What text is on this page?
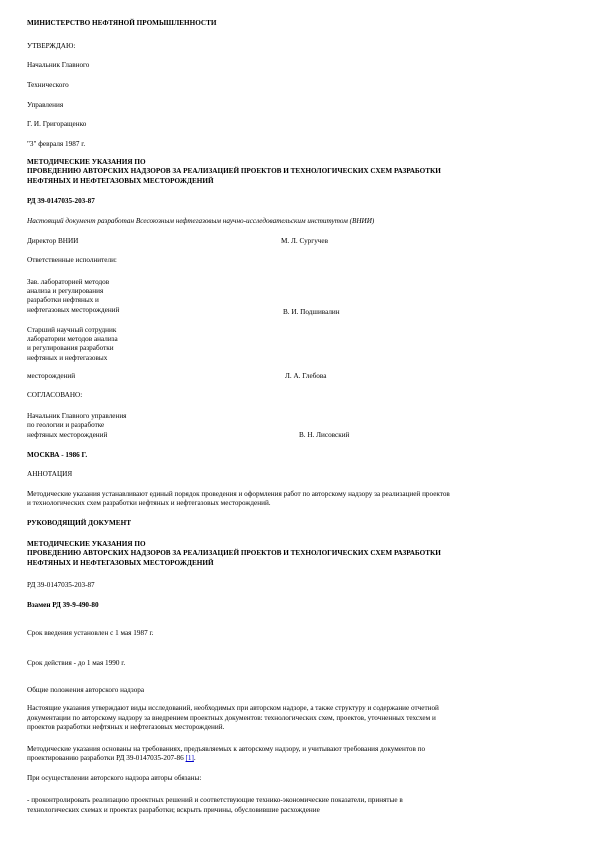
МИНИСТЕРСТВО НЕФТЯНОЙ ПРОМЫШЛЕННОСТИ
УТВЕРЖДАЮ:
Начальник Главного
Технического
Управления
Г. И. Григоращенко
"3" февраля 1987 г.
МЕТОДИЧЕСКИЕ УКАЗАНИЯ ПО
ПРОВЕДЕНИЮ АВТОРСКИХ НАДЗОРОВ ЗА РЕАЛИЗАЦИЕЙ ПРОЕКТОВ И ТЕХНОЛОГИЧЕСКИХ СХЕМ РАЗРАБОТКИ
НЕФТЯНЫХ И НЕФТЕГАЗОВЫХ МЕСТОРОЖДЕНИЙ
РД 39-0147035-203-87
Настоящий документ разработан Всесоюзным нефтегазовым научно-исследовательским институтом (ВНИИ)
Директор ВНИИ	М. Л. Сургучев
Ответственные исполнители:
Зав. лабораторией методов
анализа и регулирования
разработки нефтяных и
нефтегазовых месторождений	В. И. Подшивалин
Старший научный сотрудник
лаборатории методов анализа
и регулирования разработки
нефтяных и нефтегазовых
месторождений	Л. А. Глебова
СОГЛАСОВАНО:
Начальник Главного управления
по геологии и разработке
нефтяных месторождений	В. Н. Лисовский
МОСКВА - 1986 Г.
АННОТАЦИЯ
Методические указания устанавливают единый порядок проведения и оформления работ по авторскому надзору за реализацией проектов
и технологических схем разработки нефтяных и нефтегазовых месторождений.
РУКОВОДЯЩИЙ ДОКУМЕНТ
МЕТОДИЧЕСКИЕ УКАЗАНИЯ ПО
ПРОВЕДЕНИЮ АВТОРСКИХ НАДЗОРОВ ЗА РЕАЛИЗАЦИЕЙ ПРОЕКТОВ И ТЕХНОЛОГИЧЕСКИХ СХЕМ РАЗРАБОТКИ
НЕФТЯНЫХ И НЕФТЕГАЗОВЫХ МЕСТОРОЖДЕНИЙ
РД 39-0147035-203-87
Взамен РД 39-9-490-80
Срок введения установлен с 1 мая 1987 г.
Срок действия - до 1 мая 1990 г.
Общие положения авторского надзора
Настоящие указания утверждают виды исследований, необходимых при авторском надзоре, а также структуру и содержание отчетной
документации по авторскому надзору за внедрением проектных документов: технологических схем, проектов, уточненных техсхем и
проектов разработки нефтяных и нефтегазовых месторождений.
Методические указания основаны на требованиях, предъявляемых к авторскому надзору, и учитывают требования документов по
проектированию разработки РД 39-0147035-207-86 [1].
При осуществлении авторского надзора авторы обязаны:
- проконтролировать реализацию проектных решений и соответствующие технико-экономические показатели, принятые в
технологических схемах и проектах разработки; вскрыть причины, обусловившие расхождение
